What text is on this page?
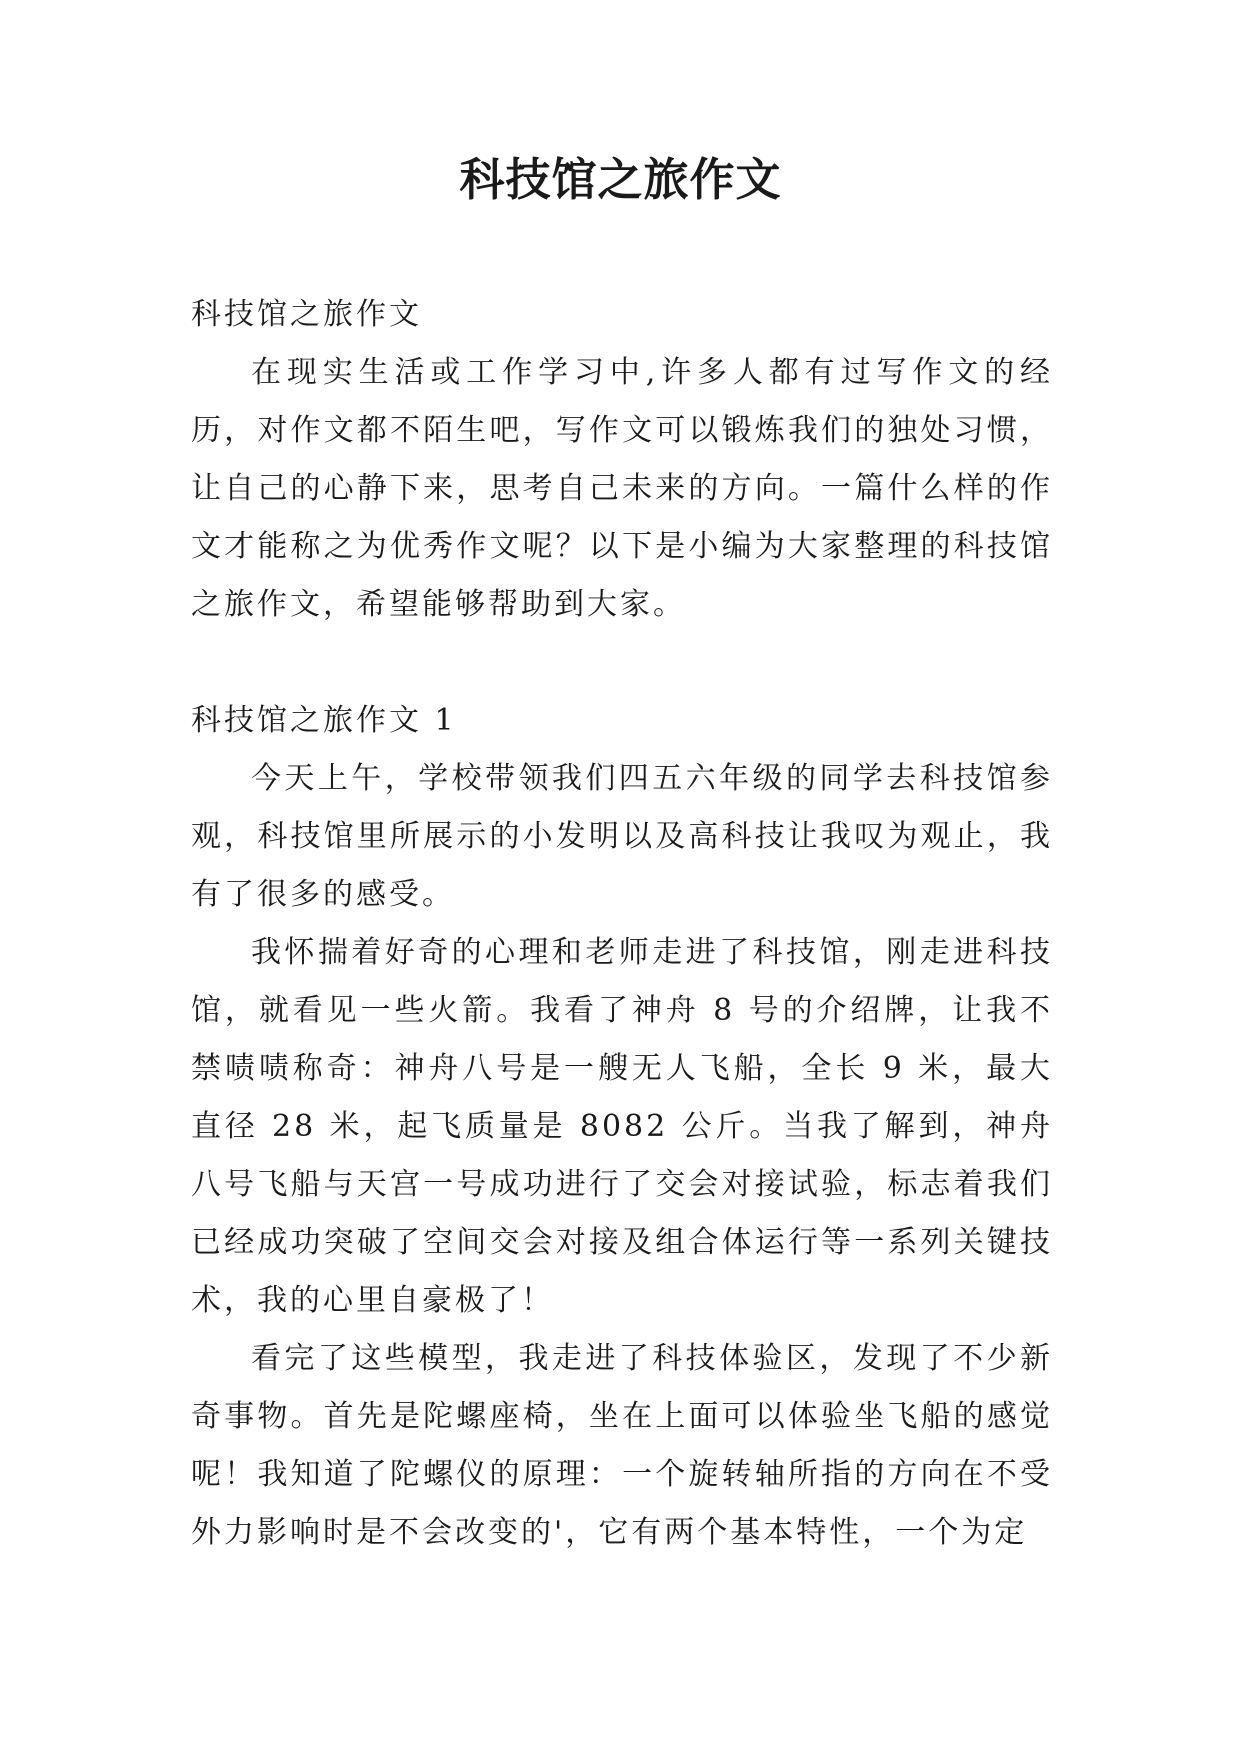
科技馆之旅作文

科技馆之旅作文

在现实生活或工作学习中,许多人都有过写作文的经历，对作文都不陌生吧，写作文可以锻炼我们的独处习惯，让自己的心静下来，思考自己未来的方向。一篇什么样的作文才能称之为优秀作文呢？以下是小编为大家整理的科技馆之旅作文，希望能够帮助到大家。

科技馆之旅作文 1

今天上午，学校带领我们四五六年级的同学去科技馆参观，科技馆里所展示的小发明以及高科技让我叹为观止，我有了很多的感受。

我怀揣着好奇的心理和老师走进了科技馆，刚走进科技馆，就看见一些火箭。我看了神舟 8 号的介绍牌，让我不禁啧啧称奇：神舟八号是一艘无人飞船，全长 9 米，最大直径 28 米，起飞质量是 8082 公斤。当我了解到，神舟八号飞船与天宫一号成功进行了交会对接试验，标志着我们已经成功突破了空间交会对接及组合体运行等一系列关键技术，我的心里自豪极了！

看完了这些模型，我走进了科技体验区，发现了不少新奇事物。首先是陀螺座椅，坐在上面可以体验坐飞船的感觉呢！我知道了陀螺仪的原理：一个旋转轴所指的方向在不受外力影响时是不会改变的'，它有两个基本特性，一个为定
